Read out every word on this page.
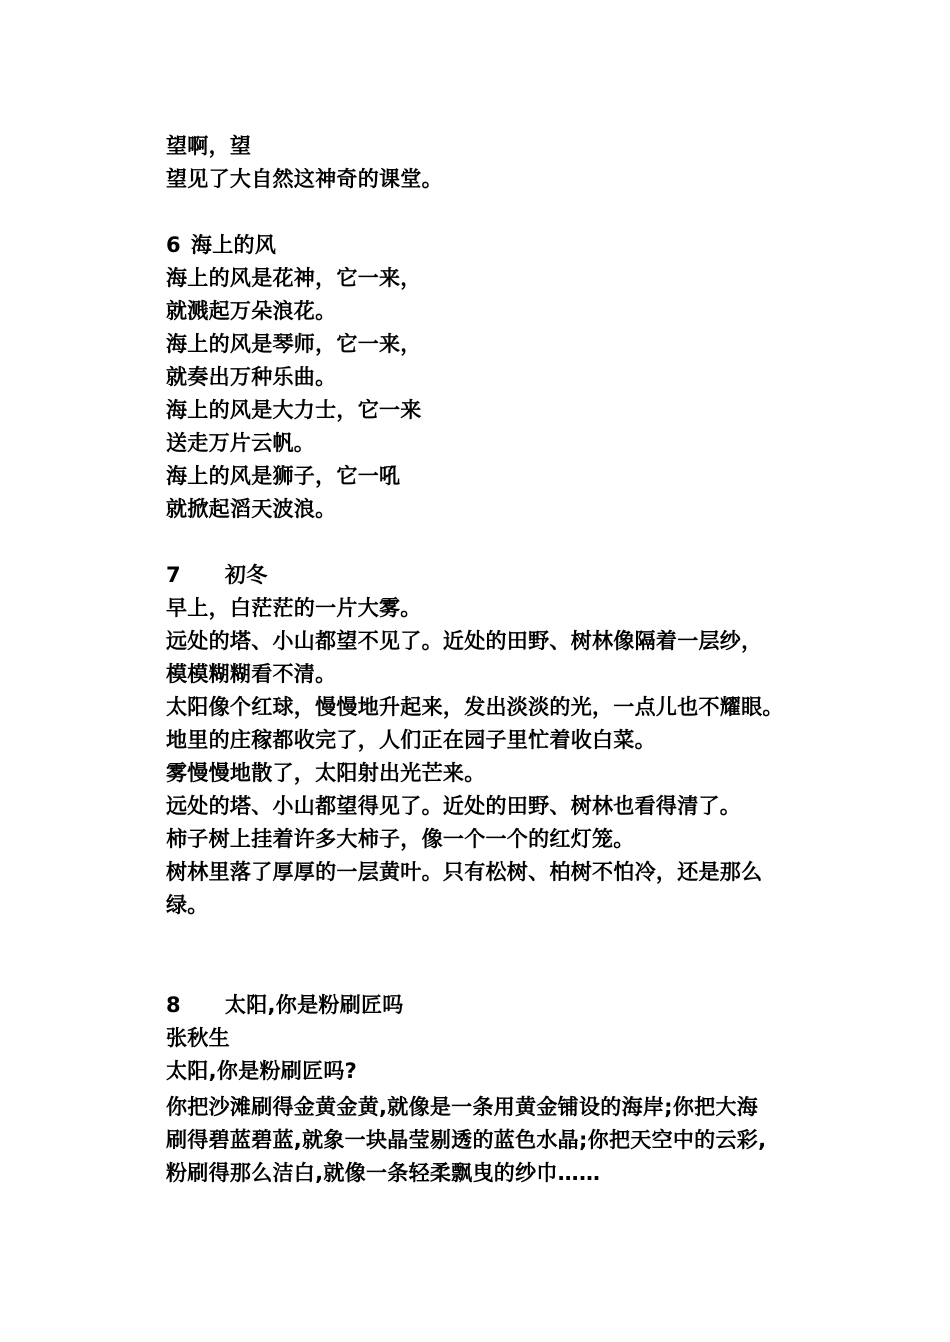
望啊，望
望见了大自然这神奇的课堂。
6 海上的风
海上的风是花神，它一来，
就溅起万朵浪花。
海上的风是琴师，它一来，
就奏出万种乐曲。
海上的风是大力士，它一来
送走万片云帆。
海上的风是狮子，它一吼
就掀起滔天波浪。
7 初冬
早上，白茫茫的一片大雾。
远处的塔、小山都望不见了。近处的田野、树林像隔着一层纱，
模模糊糊看不清。
太阳像个红球，慢慢地升起来，发出淡淡的光，一点儿也不耀眼。
地里的庄稼都收完了，人们正在园子里忙着收白菜。
雾慢慢地散了，太阳射出光芒来。
远处的塔、小山都望得见了。近处的田野、树林也看得清了。
柿子树上挂着许多大柿子，像一个一个的红灯笼。
树林里落了厚厚的一层黄叶。只有松树、柏树不怕冷，还是那么
绿。
8 太阳,你是粉刷匠吗
张秋生
太阳,你是粉刷匠吗?
你把沙滩刷得金黄金黄,就像是一条用黄金铺设的海岸;你把大海
刷得碧蓝碧蓝,就象一块晶莹剔透的蓝色水晶;你把天空中的云彩,
粉刷得那么洁白,就像一条轻柔飘曳的纱巾……
